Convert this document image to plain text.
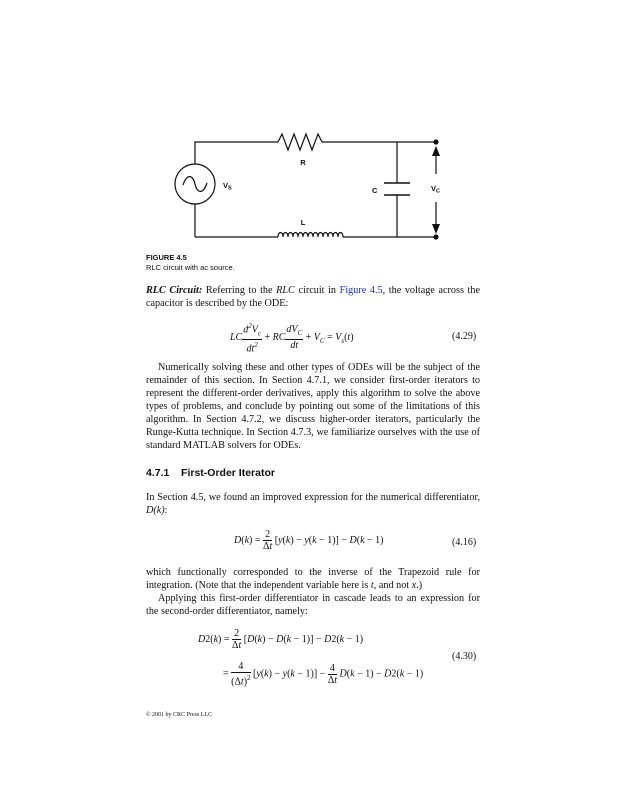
R
L
C
$V_S$	$V_C$
FIGURE 4.5
RLC circuit with ac source.
RLC Circuit: Referring to the RLC circuit in Figure 4.5, the voltage across the capacitor is described by the ODE:
LC $\frac{d^2V_c}{dt^2}$ + RC $\frac{dV_C}{dt} + V_C = V_s(t)$	(4.29)
Numerically solving these and other types of ODEs will be the subject of the remainder of this section. In Section 4.7.1, we consider first-order iterators to represent the different-order derivatives, apply this algorithm to solve the above types of problems, and conclude by pointing out some of the limitations of this algorithm. In Section 4.7.2, we discuss higher-order iterators, particularly the Runge-Kutta technique. In Section 4.7.3, we familiarize ourselves with the use of standard MATLAB solvers for ODEs.
4.7.1 First-Order Iterator
In Section 4.5, we found an improved expression for the numerical differentiator, D(k):
$D(k) = \frac{2}{\Delta t} [y(k) - y(k - 1)] - D(k - 1)$	(4.16)
which functionally corresponded to the inverse of the Trapezoid rule for integration. (Note that the independent variable here is t, and not x.)
Applying this first-order differentiator in cascade leads to an expression for the second-order differentiator, namely:
$D2(k) = \frac{2}{\Delta t} [D(k) - D(k - 1)] - D2(k - 1)$
= $\frac{4}{(\Delta t)^2} [y(k) - y(k - 1)] - \frac{4}{\Delta t} D(k - 1) - D2(k - 1)$
(4.30)
© 2001 by CRC Press LLC
